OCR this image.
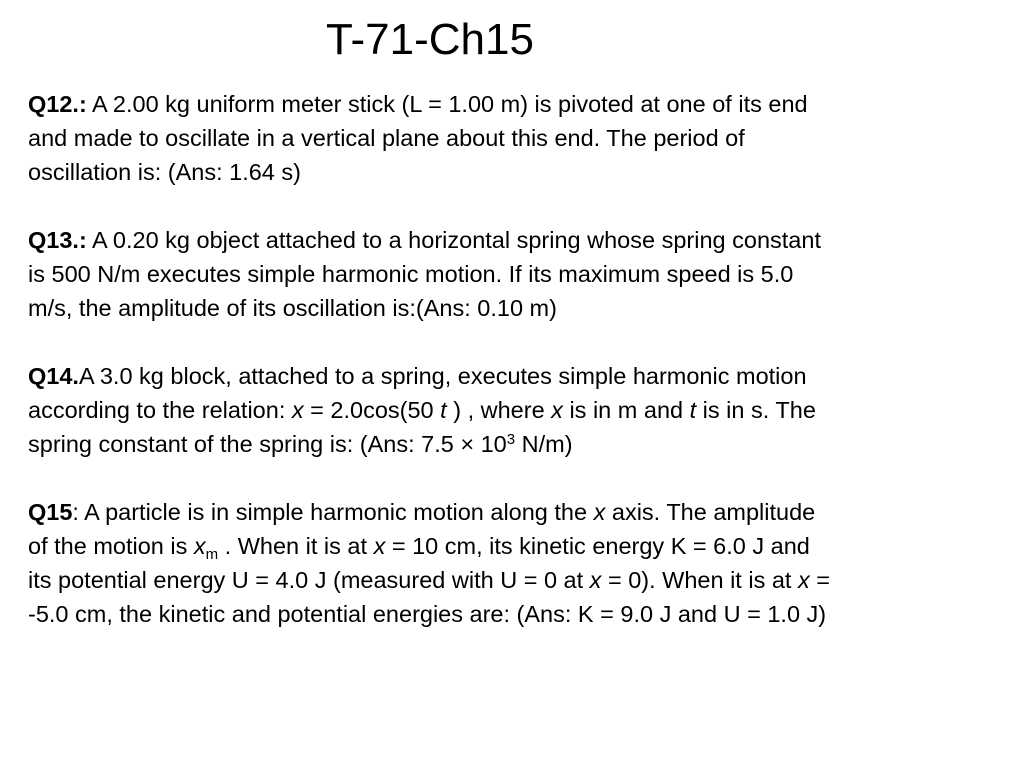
T-71-Ch15
Q12.: A 2.00 kg uniform meter stick (L = 1.00 m) is pivoted at one of its end
and made to oscillate in a vertical plane about this end. The period of
oscillation is: (Ans: 1.64 s)
Q13.: A 0.20 kg object attached to a horizontal spring whose spring constant
is 500 N/m executes simple harmonic motion. If its maximum speed is 5.0
m/s, the amplitude of its oscillation is:(Ans: 0.10 m)
Q14.A 3.0 kg block, attached to a spring, executes simple harmonic motion
according to the relation: x = 2.0cos(50 t ) , where x is in m and t is in s. The
spring constant of the spring is: (Ans: $7.5 \times 10^3$ N/m)
Q15: A particle is in simple harmonic motion along the x axis. The amplitude
of the motion is $x_m$ . When it is at x = 10 cm, its kinetic energy K = 6.0 J and
its potential energy U = 4.0 J (measured with U = 0 at x = 0). When it is at x =
-5.0 cm, the kinetic and potential energies are: (Ans: K = 9.0 J and U = 1.0 J)
